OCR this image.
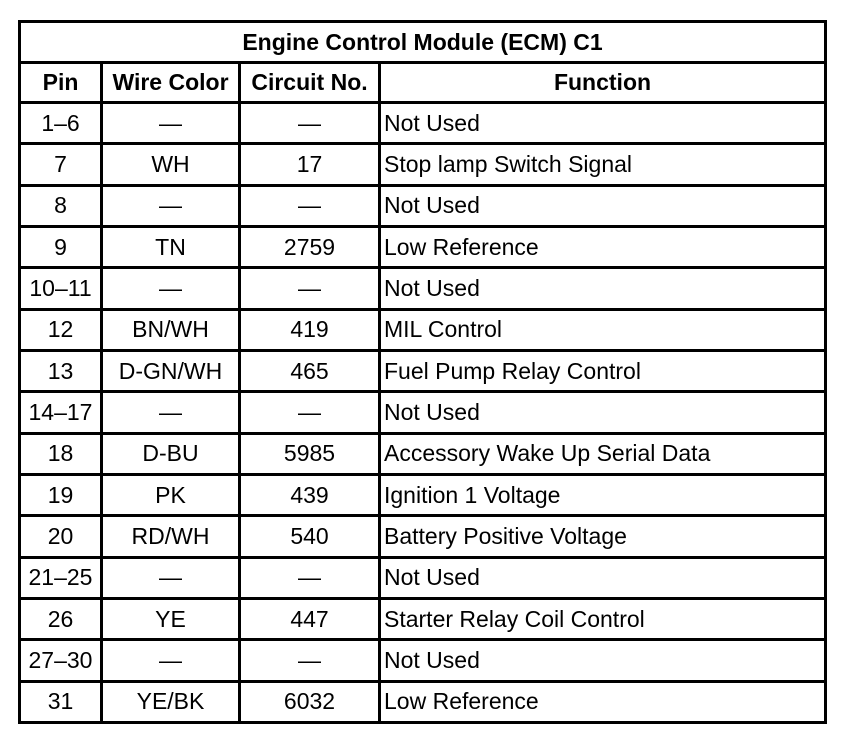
Engine Control Module (ECM) C1			
Pin	Wire Color	Circuit No.	Function
1–6	—	—	Not Used
7	WH	17	Stop lamp Switch Signal
8	—	—	Not Used
9	TN	2759	Low Reference
10–11	—	—	Not Used
12	BN/WH	419	MIL Control
13	D-GN/WH	465	Fuel Pump Relay Control
14–17	—	—	Not Used
18	D-BU	5985	Accessory Wake Up Serial Data
19	PK	439	Ignition 1 Voltage
20	RD/WH	540	Battery Positive Voltage
21–25	—	—	Not Used
26	YE	447	Starter Relay Coil Control
27–30	—	—	Not Used
31	YE/BK	6032	Low Reference
